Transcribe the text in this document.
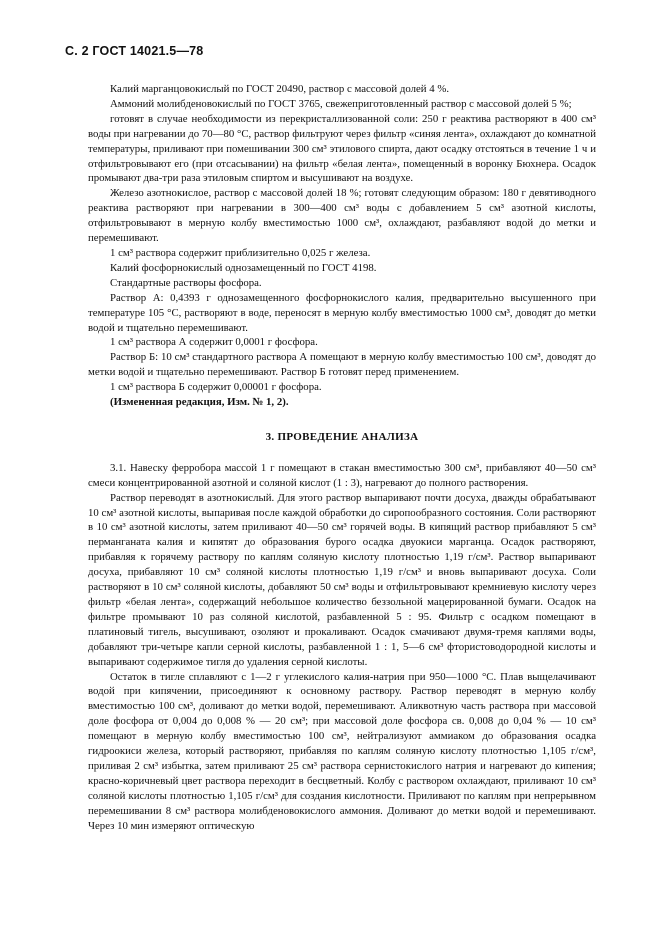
С. 2 ГОСТ 14021.5—78

Калий марганцовокислый по ГОСТ 20490, раствор с массовой долей 4 %.

Аммоний молибденовокислый по ГОСТ 3765, свежеприготовленный раствор с массовой долей 5 %;

готовят в случае необходимости из перекристаллизованной соли: 250 г реактива растворяют в 400 см³ воды при нагревании до 70—80 °С, раствор фильтруют через фильтр «синяя лента», охлаждают до комнатной температуры, приливают при помешивании 300 см³ этилового спирта, дают осадку отстояться в течение 1 ч и отфильтровывают его (при отсасывании) на фильтр «белая лента», помещенный в воронку Бюхнера. Осадок промывают два-три раза этиловым спиртом и высушивают на воздухе.

Железо азотнокислое, раствор с массовой долей 18 %; готовят следующим образом: 180 г девятиводного реактива растворяют при нагревании в 300—400 см³ воды с добавлением 5 см³ азотной кислоты, отфильтровывают в мерную колбу вместимостью 1000 см³, охлаждают, разбавляют водой до метки и перемешивают.

1 см³ раствора содержит приблизительно 0,025 г железа.

Калий фосфорнокислый однозамещенный по ГОСТ 4198.

Стандартные растворы фосфора.

Раствор А: 0,4393 г однозамещенного фосфорнокислого калия, предварительно высушенного при температуре 105 °С, растворяют в воде, переносят в мерную колбу вместимостью 1000 см³, доводят до метки водой и тщательно перемешивают.

1 см³ раствора А содержит 0,0001 г фосфора.

Раствор Б: 10 см³ стандартного раствора А помещают в мерную колбу вместимостью 100 см³, доводят до метки водой и тщательно перемешивают. Раствор Б готовят перед применением.

1 см³ раствора Б содержит 0,00001 г фосфора.

(Измененная редакция, Изм. № 1, 2).

3. ПРОВЕДЕНИЕ АНАЛИЗА

3.1. Навеску ферробора массой 1 г помещают в стакан вместимостью 300 см³, прибавляют 40—50 см³ смеси концентрированной азотной и соляной кислот (1 : 3), нагревают до полного растворения.

Раствор переводят в азотнокислый. Для этого раствор выпаривают почти досуха, дважды обрабатывают 10 см³ азотной кислоты, выпаривая после каждой обработки до сиропообразного состояния. Соли растворяют в 10 см³ азотной кислоты, затем приливают 40—50 см³ горячей воды. В кипящий раствор прибавляют 5 см³ перманганата калия и кипятят до образования бурого осадка двуокиси марганца. Осадок растворяют, прибавляя к горячему раствору по каплям соляную кислоту плотностью 1,19 г/см³. Раствор выпаривают досуха, прибавляют 10 см³ соляной кислоты плотностью 1,19 г/см³ и вновь выпаривают досуха. Соли растворяют в 10 см³ соляной кислоты, добавляют 50 см³ воды и отфильтровывают кремниевую кислоту через фильтр «белая лента», содержащий небольшое количество беззольной мацерированной бумаги. Осадок на фильтре промывают 10 раз соляной кислотой, разбавленной 5 : 95. Фильтр с осадком помещают в платиновый тигель, высушивают, озоляют и прокаливают. Осадок смачивают двумя-тремя каплями воды, добавляют три-четыре капли серной кислоты, разбавленной 1 : 1, 5—6 см³ фтористоводородной кислоты и выпаривают содержимое тигля до удаления серной кислоты.

Остаток в тигле сплавляют с 1—2 г углекислого калия-натрия при 950—1000 °С. Плав выщелачивают водой при кипячении, присоединяют к основному раствору. Раствор переводят в мерную колбу вместимостью 100 см³, доливают до метки водой, перемешивают. Аликвотную часть раствора при массовой доле фосфора от 0,004 до 0,008 % — 20 см³; при массовой доле фосфора св. 0,008 до 0,04 % — 10 см³ помещают в мерную колбу вместимостью 100 см³, нейтрализуют аммиаком до образования осадка гидроокиси железа, который растворяют, прибавляя по каплям соляную кислоту плотностью 1,105 г/см³, приливая 2 см³ избытка, затем приливают 25 см³ раствора сернистокислого натрия и нагревают до кипения; красно-коричневый цвет раствора переходит в бесцветный. Колбу с раствором охлаждают, приливают 10 см³ соляной кислоты плотностью 1,105 г/см³ для создания кислотности. Приливают по каплям при непрерывном перемешивании 8 см³ раствора молибденовокислого аммония. Доливают до метки водой и перемешивают. Через 10 мин измеряют оптическую
